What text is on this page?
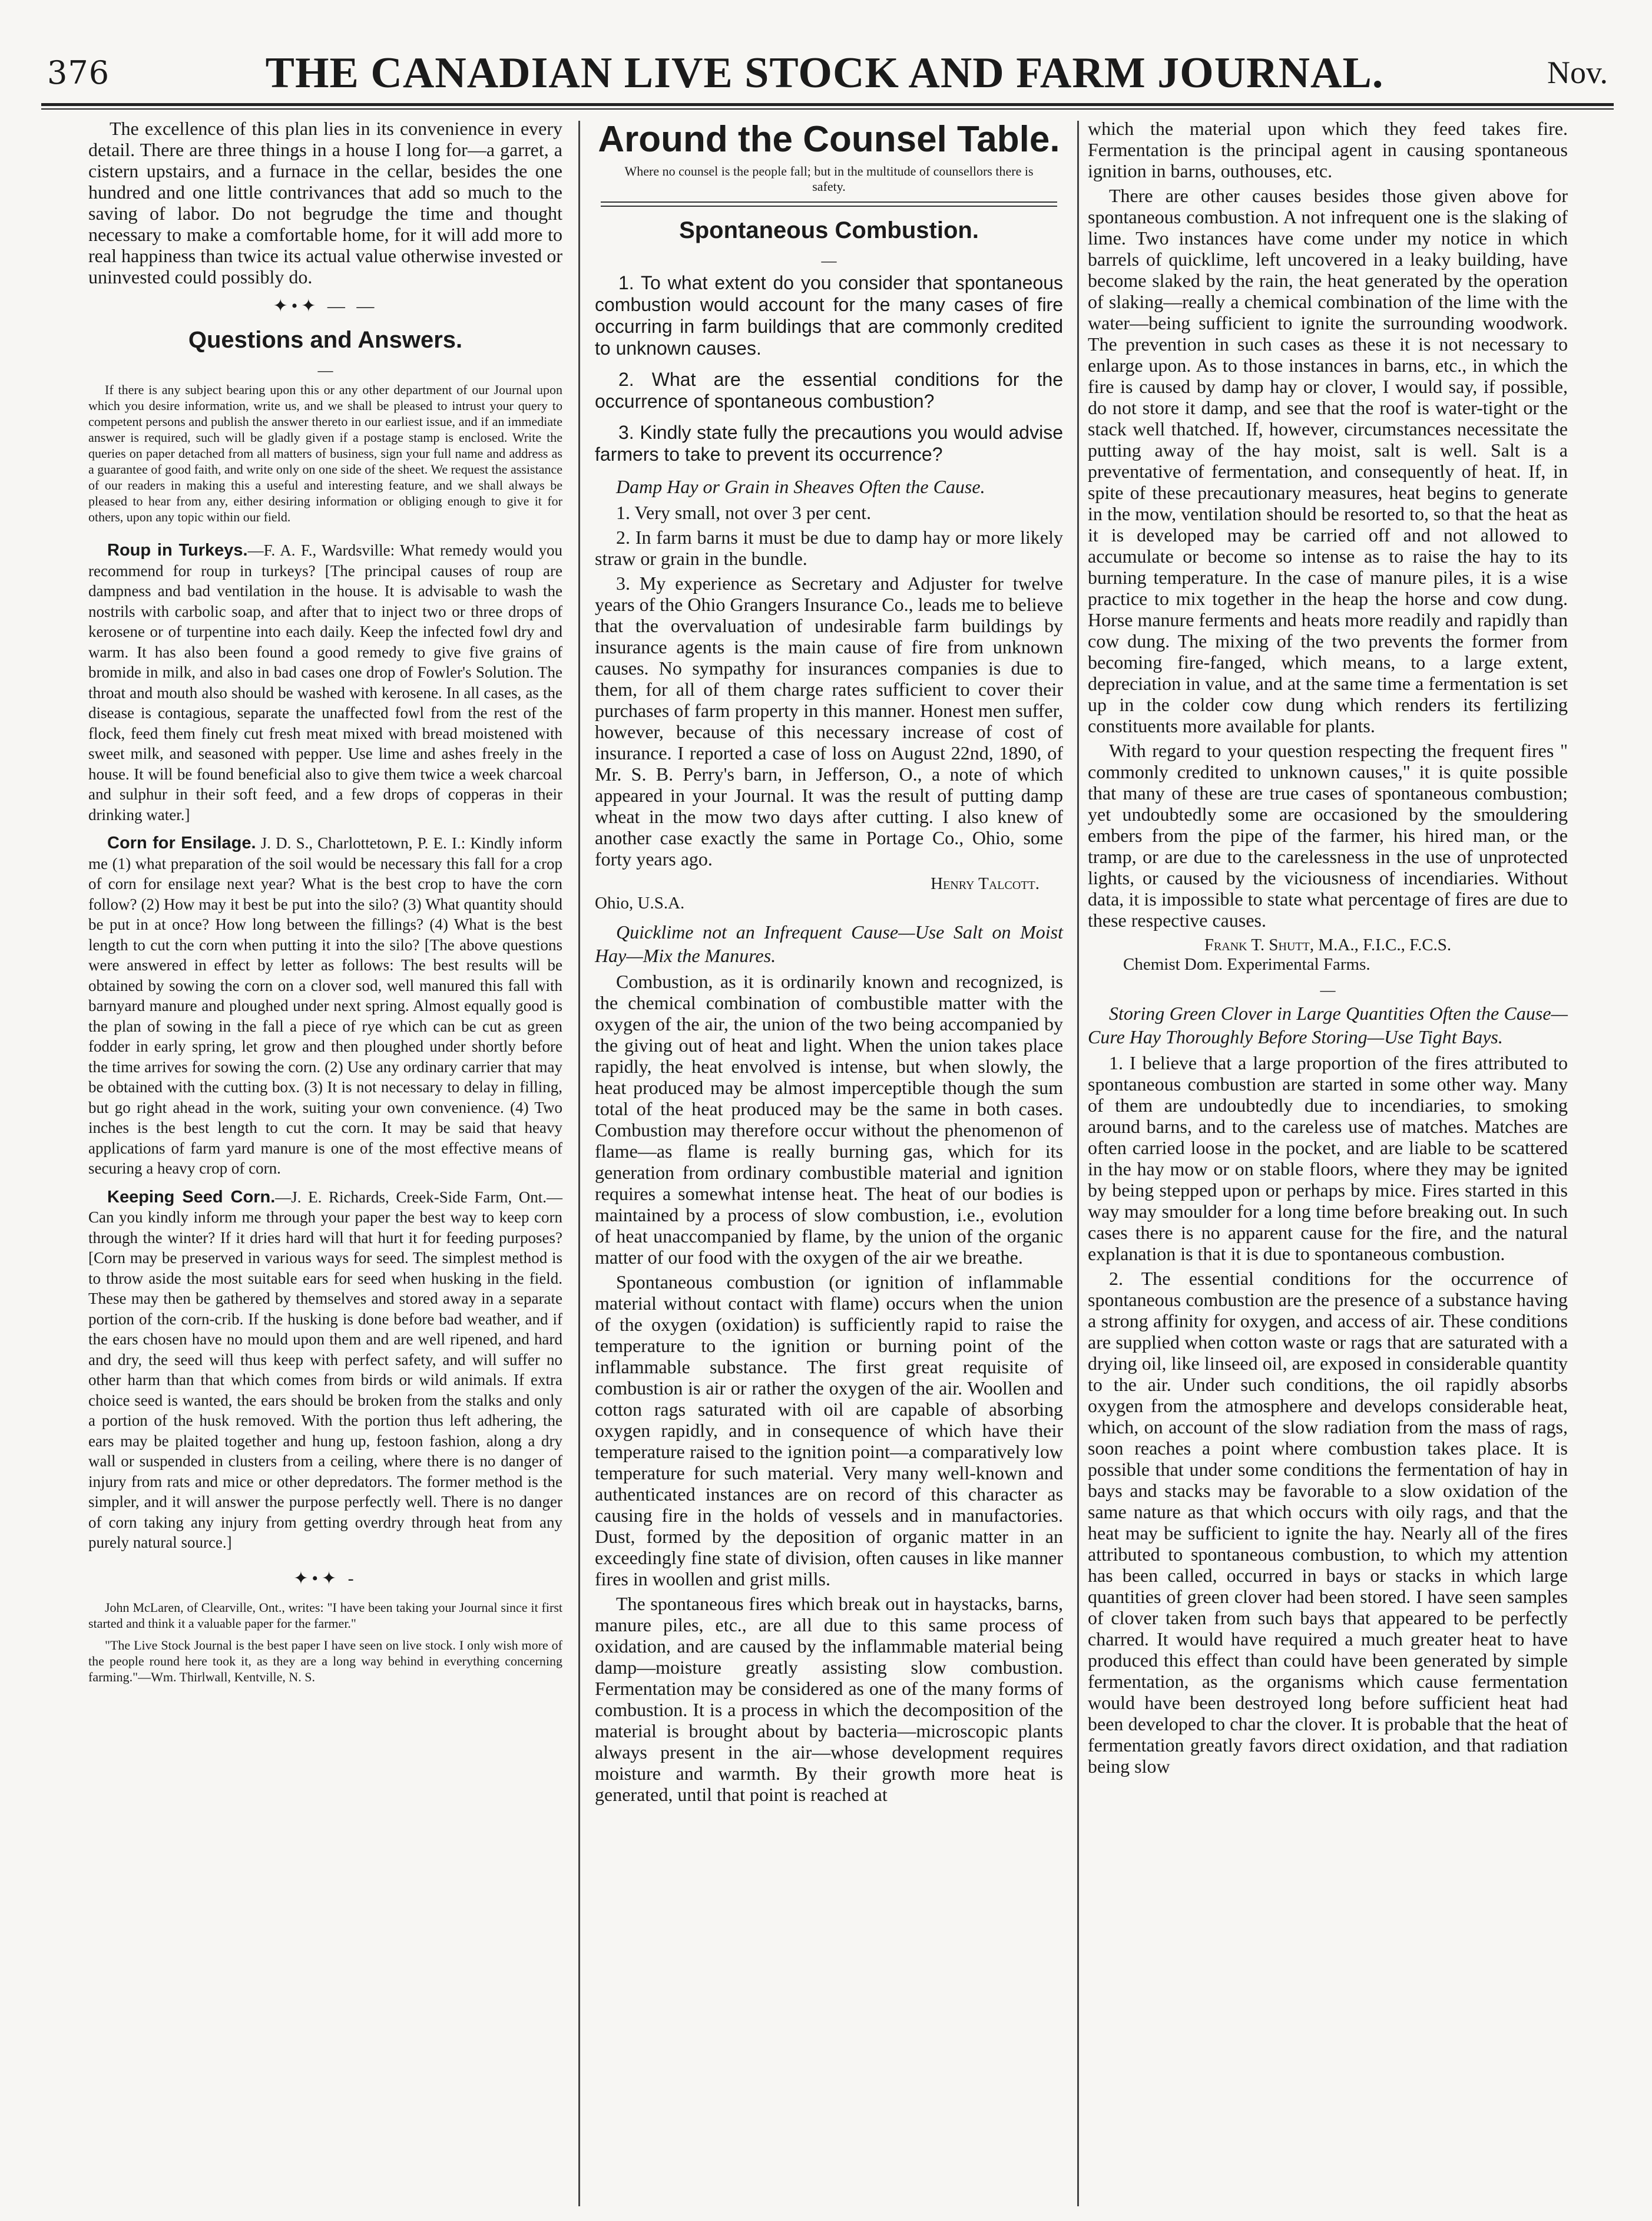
376	THE CANADIAN LIVE STOCK AND FARM JOURNAL.	Nov.

The excellence of this plan lies in its convenience in every detail. There are three things in a house I long for—a garret, a cistern upstairs, and a furnace in the cellar, besides the one hundred and one little contrivances that add so much to the saving of labor. Do not begrudge the time and thought necessary to make a comfortable home, for it will add more to real happiness than twice its actual value otherwise invested or uninvested could possibly do.

✦•✦ — —
Questions and Answers.
—

If there is any subject bearing upon this or any other department of our Journal upon which you desire information, write us, and we shall be pleased to intrust your query to competent persons and publish the answer thereto in our earliest issue, and if an immediate answer is required, such will be gladly given if a postage stamp is enclosed. Write the queries on paper detached from all matters of business, sign your full name and address as a guarantee of good faith, and write only on one side of the sheet. We request the assistance of our readers in making this a useful and interesting feature, and we shall always be pleased to hear from any, either desiring information or obliging enough to give it for others, upon any topic within our field.

Roup in Turkeys.—F. A. F., Wardsville: What remedy would you recommend for roup in turkeys? [The principal causes of roup are dampness and bad ventilation in the house. It is advisable to wash the nostrils with carbolic soap, and after that to inject two or three drops of kerosene or of turpentine into each daily. Keep the infected fowl dry and warm. It has also been found a good remedy to give five grains of bromide in milk, and also in bad cases one drop of Fowler's Solution. The throat and mouth also should be washed with kerosene. In all cases, as the disease is contagious, separate the unaffected fowl from the rest of the flock, feed them finely cut fresh meat mixed with bread moistened with sweet milk, and seasoned with pepper. Use lime and ashes freely in the house. It will be found beneficial also to give them twice a week charcoal and sulphur in their soft feed, and a few drops of copperas in their drinking water.]

Corn for Ensilage. J. D. S., Charlottetown, P. E. I.: Kindly inform me (1) what preparation of the soil would be necessary this fall for a crop of corn for ensilage next year? What is the best crop to have the corn follow? (2) How may it best be put into the silo? (3) What quantity should be put in at once? How long between the fillings? (4) What is the best length to cut the corn when putting it into the silo? [The above questions were answered in effect by letter as follows: The best results will be obtained by sowing the corn on a clover sod, well manured this fall with barnyard manure and ploughed under next spring. Almost equally good is the plan of sowing in the fall a piece of rye which can be cut as green fodder in early spring, let grow and then ploughed under shortly before the time arrives for sowing the corn. (2) Use any ordinary carrier that may be obtained with the cutting box. (3) It is not necessary to delay in filling, but go right ahead in the work, suiting your own convenience. (4) Two inches is the best length to cut the corn. It may be said that heavy applications of farm yard manure is one of the most effective means of securing a heavy crop of corn.

Keeping Seed Corn.—J. E. Richards, Creek-Side Farm, Ont.—Can you kindly inform me through your paper the best way to keep corn through the winter? If it dries hard will that hurt it for feeding purposes? [Corn may be preserved in various ways for seed. The simplest method is to throw aside the most suitable ears for seed when husking in the field. These may then be gathered by themselves and stored away in a separate portion of the corn-crib. If the husking is done before bad weather, and if the ears chosen have no mould upon them and are well ripened, and hard and dry, the seed will thus keep with perfect safety, and will suffer no other harm than that which comes from birds or wild animals. If extra choice seed is wanted, the ears should be broken from the stalks and only a portion of the husk removed. With the portion thus left adhering, the ears may be plaited together and hung up, festoon fashion, along a dry wall or suspended in clusters from a ceiling, where there is no danger of injury from rats and mice or other depredators. The former method is the simpler, and it will answer the purpose perfectly well. There is no danger of corn taking any injury from getting overdry through heat from any purely natural source.]

✦•✦ -

John McLaren, of Clearville, Ont., writes: "I have been taking your Journal since it first started and think it a valuable paper for the farmer."

"The Live Stock Journal is the best paper I have seen on live stock. I only wish more of the people round here took it, as they are a long way behind in everything concerning farming."—Wm. Thirlwall, Kentville, N. S.

Around the Counsel Table.

Where no counsel is the people fall; but in the multitude of counsellors there is safety.

Spontaneous Combustion.
—

1. To what extent do you consider that spontaneous combustion would account for the many cases of fire occurring in farm buildings that are commonly credited to unknown causes.

2. What are the essential conditions for the occurrence of spontaneous combustion?

3. Kindly state fully the precautions you would advise farmers to take to prevent its occurrence?

Damp Hay or Grain in Sheaves Often the Cause.

1. Very small, not over 3 per cent.

2. In farm barns it must be due to damp hay or more likely straw or grain in the bundle.

3. My experience as Secretary and Adjuster for twelve years of the Ohio Grangers Insurance Co., leads me to believe that the overvaluation of undesirable farm buildings by insurance agents is the main cause of fire from unknown causes. No sympathy for insurances companies is due to them, for all of them charge rates sufficient to cover their purchases of farm property in this manner. Honest men suffer, however, because of this necessary increase of cost of insurance. I reported a case of loss on August 22nd, 1890, of Mr. S. B. Perry's barn, in Jefferson, O., a note of which appeared in your Journal. It was the result of putting damp wheat in the mow two days after cutting. I also knew of another case exactly the same in Portage Co., Ohio, some forty years ago.

Henry Talcott.

Ohio, U.S.A.

Quicklime not an Infrequent Cause—Use Salt on Moist Hay—Mix the Manures.

Combustion, as it is ordinarily known and recognized, is the chemical combination of combustible matter with the oxygen of the air, the union of the two being accompanied by the giving out of heat and light. When the union takes place rapidly, the heat envolved is intense, but when slowly, the heat produced may be almost imperceptible though the sum total of the heat produced may be the same in both cases. Combustion may therefore occur without the phenomenon of flame—as flame is really burning gas, which for its generation from ordinary combustible material and ignition requires a somewhat intense heat. The heat of our bodies is maintained by a process of slow combustion, i.e., evolution of heat unaccompanied by flame, by the union of the organic matter of our food with the oxygen of the air we breathe.

Spontaneous combustion (or ignition of inflammable material without contact with flame) occurs when the union of the oxygen (oxidation) is sufficiently rapid to raise the temperature to the ignition or burning point of the inflammable substance. The first great requisite of combustion is air or rather the oxygen of the air. Woollen and cotton rags saturated with oil are capable of absorbing oxygen rapidly, and in consequence of which have their temperature raised to the ignition point—a comparatively low temperature for such material. Very many well-known and authenticated instances are on record of this character as causing fire in the holds of vessels and in manufactories. Dust, formed by the deposition of organic matter in an exceedingly fine state of division, often causes in like manner fires in woollen and grist mills.

The spontaneous fires which break out in haystacks, barns, manure piles, etc., are all due to this same process of oxidation, and are caused by the inflammable material being damp—moisture greatly assisting slow combustion. Fermentation may be considered as one of the many forms of combustion. It is a process in which the decomposition of the material is brought about by bacteria—microscopic plants always present in the air—whose development requires moisture and warmth. By their growth more heat is generated, until that point is reached at

which the material upon which they feed takes fire. Fermentation is the principal agent in causing spontaneous ignition in barns, outhouses, etc.

There are other causes besides those given above for spontaneous combustion. A not infrequent one is the slaking of lime. Two instances have come under my notice in which barrels of quicklime, left uncovered in a leaky building, have become slaked by the rain, the heat generated by the operation of slaking—really a chemical combination of the lime with the water—being sufficient to ignite the surrounding woodwork. The prevention in such cases as these it is not necessary to enlarge upon. As to those instances in barns, etc., in which the fire is caused by damp hay or clover, I would say, if possible, do not store it damp, and see that the roof is water-tight or the stack well thatched. If, however, circumstances necessitate the putting away of the hay moist, salt is well. Salt is a preventative of fermentation, and consequently of heat. If, in spite of these precautionary measures, heat begins to generate in the mow, ventilation should be resorted to, so that the heat as it is developed may be carried off and not allowed to accumulate or become so intense as to raise the hay to its burning temperature. In the case of manure piles, it is a wise practice to mix together in the heap the horse and cow dung. Horse manure ferments and heats more readily and rapidly than cow dung. The mixing of the two prevents the former from becoming fire-fanged, which means, to a large extent, depreciation in value, and at the same time a fermentation is set up in the colder cow dung which renders its fertilizing constituents more available for plants.

With regard to your question respecting the frequent fires " commonly credited to unknown causes," it is quite possible that many of these are true cases of spontaneous combustion; yet undoubtedly some are occasioned by the smouldering embers from the pipe of the farmer, his hired man, or the tramp, or are due to the carelessness in the use of unprotected lights, or caused by the viciousness of incendiaries. Without data, it is impossible to state what percentage of fires are due to these respective causes.

Frank T. Shutt, M.A., F.I.C., F.C.S.

Chemist Dom. Experimental Farms.

—

Storing Green Clover in Large Quantities Often the Cause—Cure Hay Thoroughly Before Storing—Use Tight Bays.

1. I believe that a large proportion of the fires attributed to spontaneous combustion are started in some other way. Many of them are undoubtedly due to incendiaries, to smoking around barns, and to the careless use of matches. Matches are often carried loose in the pocket, and are liable to be scattered in the hay mow or on stable floors, where they may be ignited by being stepped upon or perhaps by mice. Fires started in this way may smoulder for a long time before breaking out. In such cases there is no apparent cause for the fire, and the natural explanation is that it is due to spontaneous combustion.

2. The essential conditions for the occurrence of spontaneous combustion are the presence of a substance having a strong affinity for oxygen, and access of air. These conditions are supplied when cotton waste or rags that are saturated with a drying oil, like linseed oil, are exposed in considerable quantity to the air. Under such conditions, the oil rapidly absorbs oxygen from the atmosphere and develops considerable heat, which, on account of the slow radiation from the mass of rags, soon reaches a point where combustion takes place. It is possible that under some conditions the fermentation of hay in bays and stacks may be favorable to a slow oxidation of the same nature as that which occurs with oily rags, and that the heat may be sufficient to ignite the hay. Nearly all of the fires attributed to spontaneous combustion, to which my attention has been called, occurred in bays or stacks in which large quantities of green clover had been stored. I have seen samples of clover taken from such bays that appeared to be perfectly charred. It would have required a much greater heat to have produced this effect than could have been generated by simple fermentation, as the organisms which cause fermentation would have been destroyed long before sufficient heat had been developed to char the clover. It is probable that the heat of fermentation greatly favors direct oxidation, and that radiation being slow
